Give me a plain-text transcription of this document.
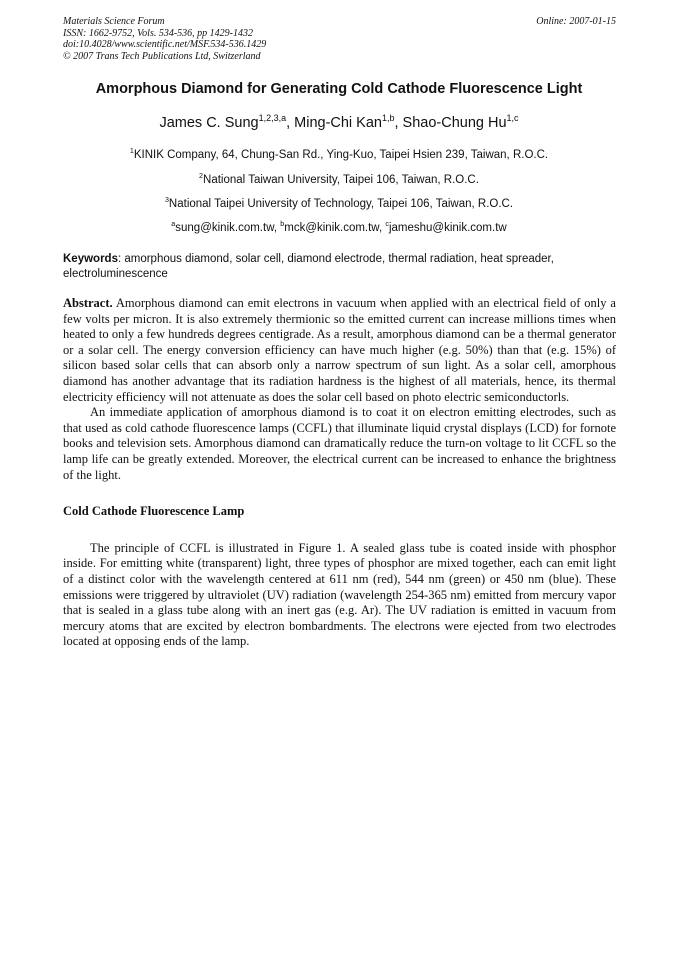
Materials Science Forum
ISSN: 1662-9752, Vols. 534-536, pp 1429-1432
doi:10.4028/www.scientific.net/MSF.534-536.1429
© 2007 Trans Tech Publications Ltd, Switzerland
Online: 2007-01-15
Amorphous Diamond for Generating Cold Cathode Fluorescence Light
James C. Sung$^{1,2,3,a}$, Ming-Chi Kan$^{1,b}$, Shao-Chung Hu$^{1,c}$
$^1$KINIK Company, 64, Chung-San Rd., Ying-Kuo, Taipei Hsien 239, Taiwan, R.O.C.
$^2$National Taiwan University, Taipei 106, Taiwan, R.O.C.
$^3$National Taipei University of Technology, Taipei 106, Taiwan, R.O.C.
$^a$sung@kinik.com.tw, $^b$mck@kinik.com.tw, $^c$jameshu@kinik.com.tw
Keywords: amorphous diamond, solar cell, diamond electrode, thermal radiation, heat spreader, electroluminescence

Abstract. Amorphous diamond can emit electrons in vacuum when applied with an electrical field of only a few volts per micron. It is also extremely thermionic so the emitted current can increase millions times when heated to only a few hundreds degrees centigrade. As a result, amorphous diamond can be a thermal generator or a solar cell. The energy conversion efficiency can have much higher (e.g. 50%) than that (e.g. 15%) of silicon based solar cells that can absorb only a narrow spectrum of sun light. As a solar cell, amorphous diamond has another advantage that its radiation hardness is the highest of all materials, hence, its thermal electricity efficiency will not attenuate as does the solar cell based on photo electric semiconductorls.

An immediate application of amorphous diamond is to coat it on electron emitting electrodes, such as that used as cold cathode fluorescence lamps (CCFL) that illuminate liquid crystal displays (LCD) for fornote books and television sets. Amorphous diamond can dramatically reduce the turn-on voltage to lit CCFL so the lamp life can be greatly extended. Moreover, the electrical current can be increased to enhance the brightness of the light.

Cold Cathode Fluorescence Lamp

The principle of CCFL is illustrated in Figure 1. A sealed glass tube is coated inside with phosphor inside. For emitting white (transparent) light, three types of phosphor are mixed together, each can emit light of a distinct color with the wavelength centered at 611 nm (red), 544 nm (green) or 450 nm (blue). These emissions were triggered by ultraviolet (UV) radiation (wavelength 254-365 nm) emitted from mercury vapor that is sealed in a glass tube along with an inert gas (e.g. Ar). The UV radiation is emitted in vacuum from mercury atoms that are excited by electron bombardments. The electrons were ejected from two electrodes located at opposing ends of the lamp.
